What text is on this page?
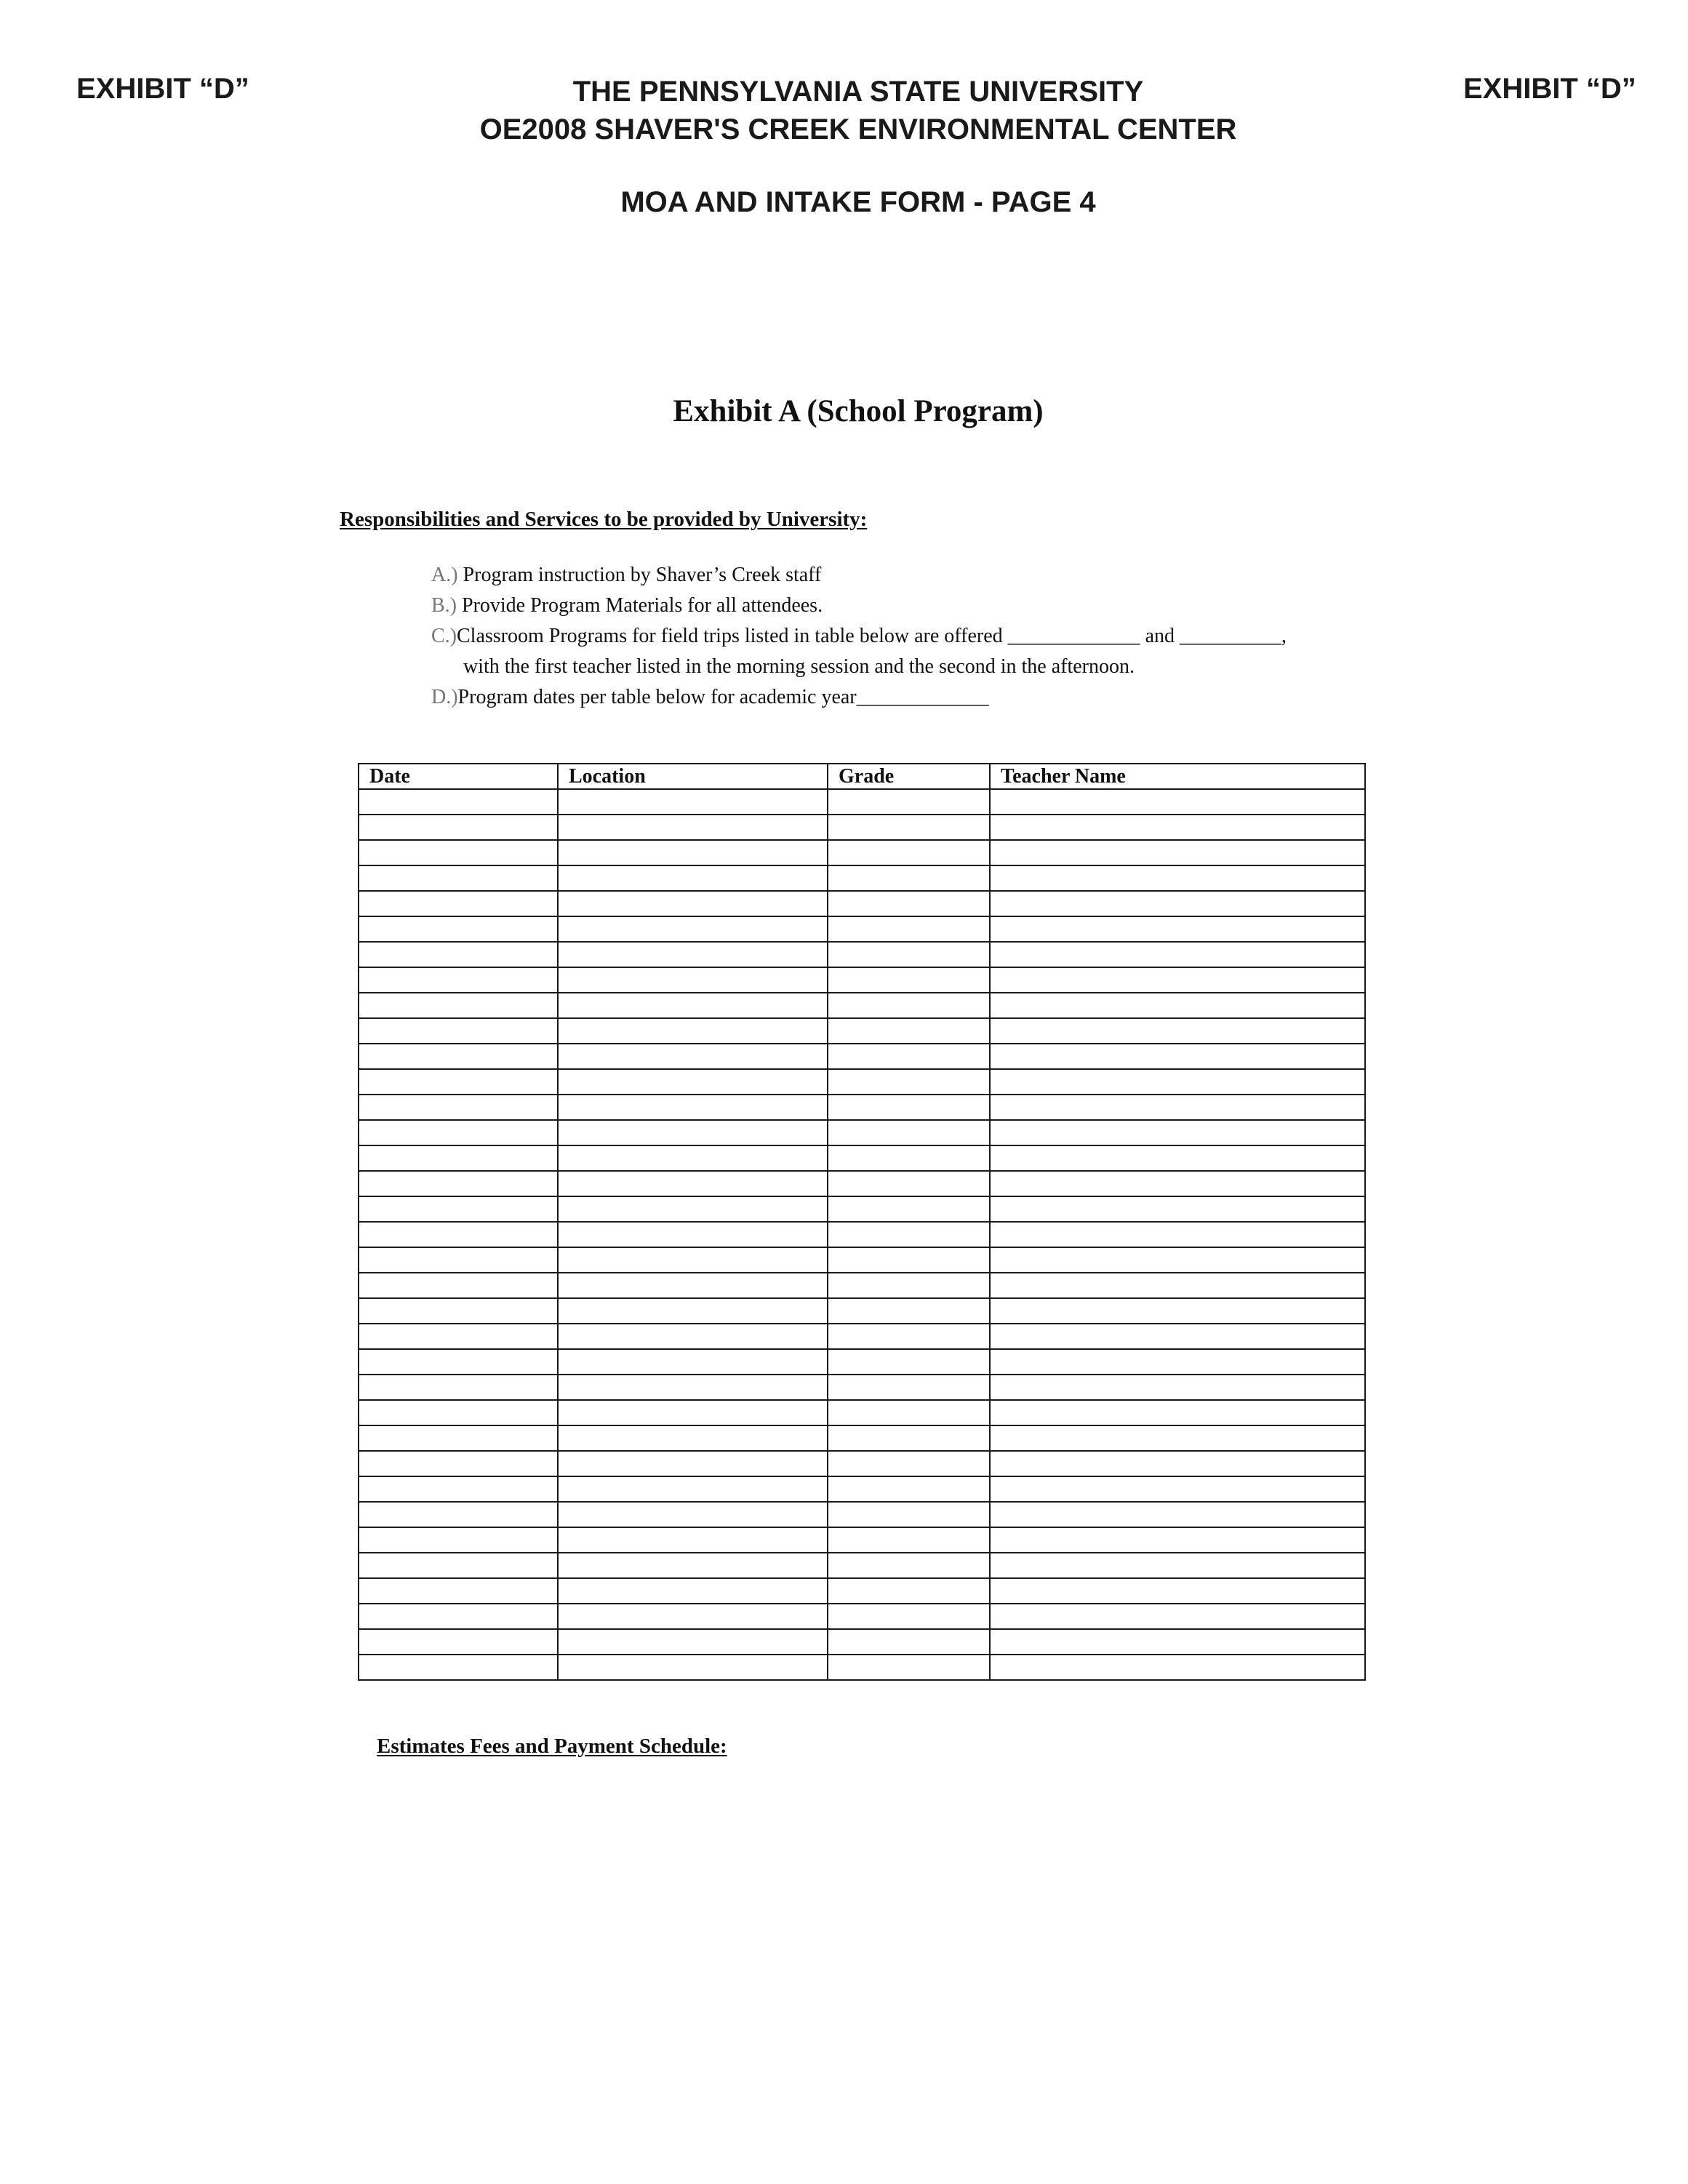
EXHIBIT “D”	EXHIBIT “D”
THE PENNSYLVANIA STATE UNIVERSITY
OE2008 SHAVER'S CREEK ENVIRONMENTAL CENTER
MOA AND INTAKE FORM - PAGE 4
Exhibit A (School Program)
Responsibilities and Services to be provided by University:
A.) Program instruction by Shaver’s Creek staff
B.) Provide Program Materials for all attendees.
C.)Classroom Programs for field trips listed in table below are offered _____________ and __________,
with the first teacher listed in the morning session and the second in the afternoon.
D.)Program dates per table below for academic year_____________
Date	Location	Grade	Teacher Name

Estimates Fees and Payment Schedule:
